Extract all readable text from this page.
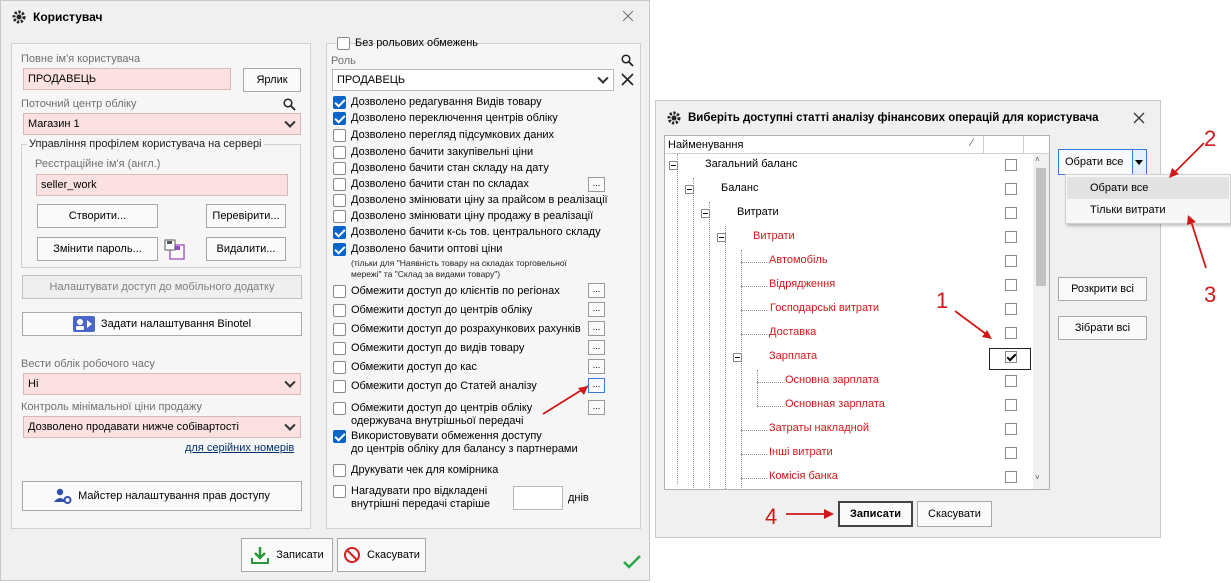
Користувач
Повне ім'я користувача
ПРОДАВЕЦЬ	Ярлик
Поточний центр обліку
Магазин 1
Управління профілем користувача на сервері
Реєстраційне ім'я (англ.)
seller_work
Створити...	Перевірити...
Змінити пароль...	Видалити...
Налаштувати доступ до мобільного додатку
Задати налаштування Binotel
Вести облік робочого часу
Ні
Контроль мінімальної ціни продажу
Дозволено продавати нижче собівартості
для серійних номерів
Майстер налаштування прав доступу
Без рольових обмежень
Роль
ПРОДАВЕЦЬ
Дозволено редагування Видів товару
Дозволено переключення центрів обліку
Дозволено перегляд підсумкових даних
Дозволено бачити закупівельні ціни
Дозволено бачити стан складу на дату
Дозволено бачити стан по складах	...
Дозволено змінювати ціну за прайсом в реалізації
Дозволено змінювати ціну продажу в реалізації
Дозволено бачити к-сь тов. центрального складу
Дозволено бачити оптові ціни
(тільки для "Наявність товару на складах торговельної
мережі" та "Склад за видами товару")
Обмежити доступ до клієнтів по регіонах	...
Обмежити доступ до центрів обліку	...
Обмежити доступ до розрахункових рахунків	...
Обмежити доступ до видів товару	...
Обмежити доступ до кас	...
Обмежити доступ до Статей аналізу	...
Обмежити доступ до центрів обліку
одержувача внутрішньої передачі
...
Використовувати обмеження доступу
до центрів обліку для балансу з партнерами
Друкувати чек для комірника
Нагадувати про відкладені
внутрішні передачі старіше	днів
Записати	Скасувати
Виберіть доступні статті аналізу фінансових операцій для користувача
Найменування	⁄
Загальний баланс
Баланс
Витрати
Витрати
Автомобіль
Відрядження
Господарські витрати
Доставка
Зарплата
Основна зарплата
Основная зарплата
Затраты накладной
Інші витрати
Комісія банка
˄
˅
Обрати все
Розкрити всі
Зібрати всі
Записати	Скасувати
Обрати все
Тільки витрати
1
2
3
4
